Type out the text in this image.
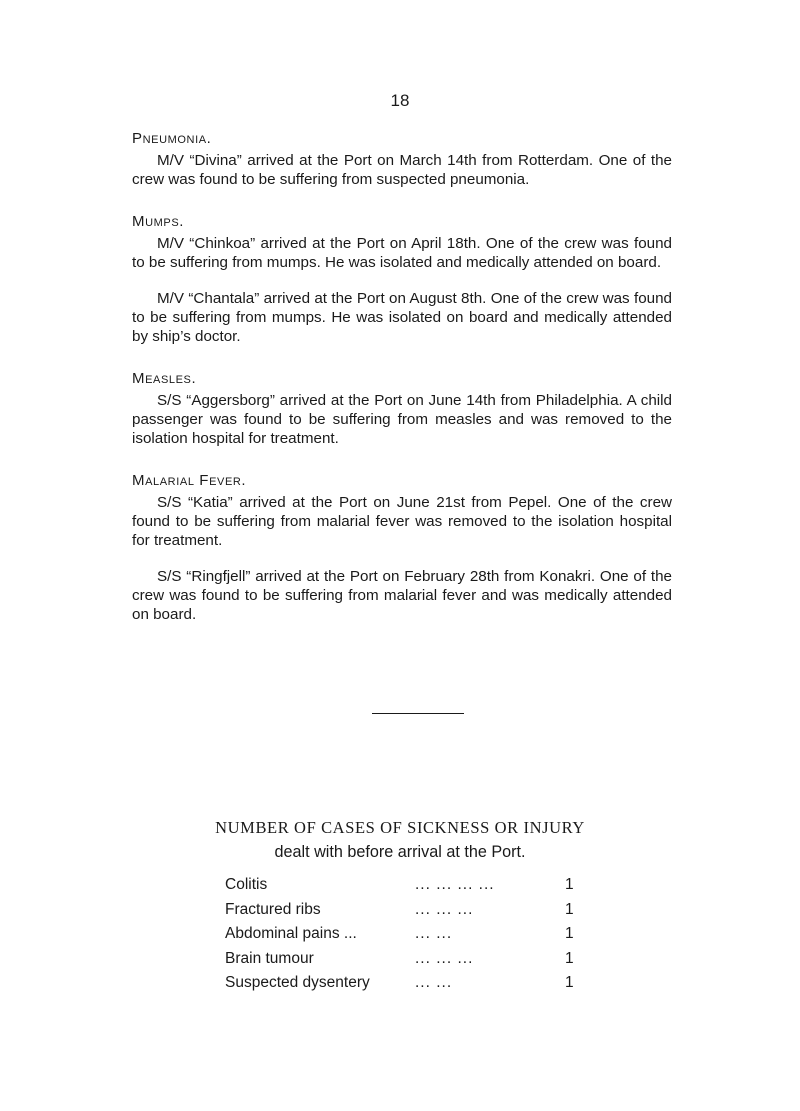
18
Pneumonia.

M/V “Divina” arrived at the Port on March 14th from Rotterdam. One of the crew was found to be suffering from suspected pneumonia.

Mumps.

M/V “Chinkoa” arrived at the Port on April 18th. One of the crew was found to be suffering from mumps. He was isolated and medically attended on board.

M/V “Chantala” arrived at the Port on August 8th. One of the crew was found to be suffering from mumps. He was isolated on board and medically attended by ship’s doctor.

Measles.

S/S “Aggersborg” arrived at the Port on June 14th from Philadelphia. A child passenger was found to be suffering from measles and was removed to the isolation hospital for treatment.

Malarial Fever.

S/S “Katia” arrived at the Port on June 21st from Pepel. One of the crew found to be suffering from malarial fever was removed to the isolation hospital for treatment.

S/S “Ringfjell” arrived at the Port on February 28th from Konakri. One of the crew was found to be suffering from malarial fever and was medically attended on board.

NUMBER OF CASES OF SICKNESS OR INJURY
dealt with before arrival at the Port.
Colitis	... ... ... ...	1
Fractured ribs	... ... ...	1
Abdominal pains ...	... ...	1
Brain tumour	... ... ...	1
Suspected dysentery	... ...	1
